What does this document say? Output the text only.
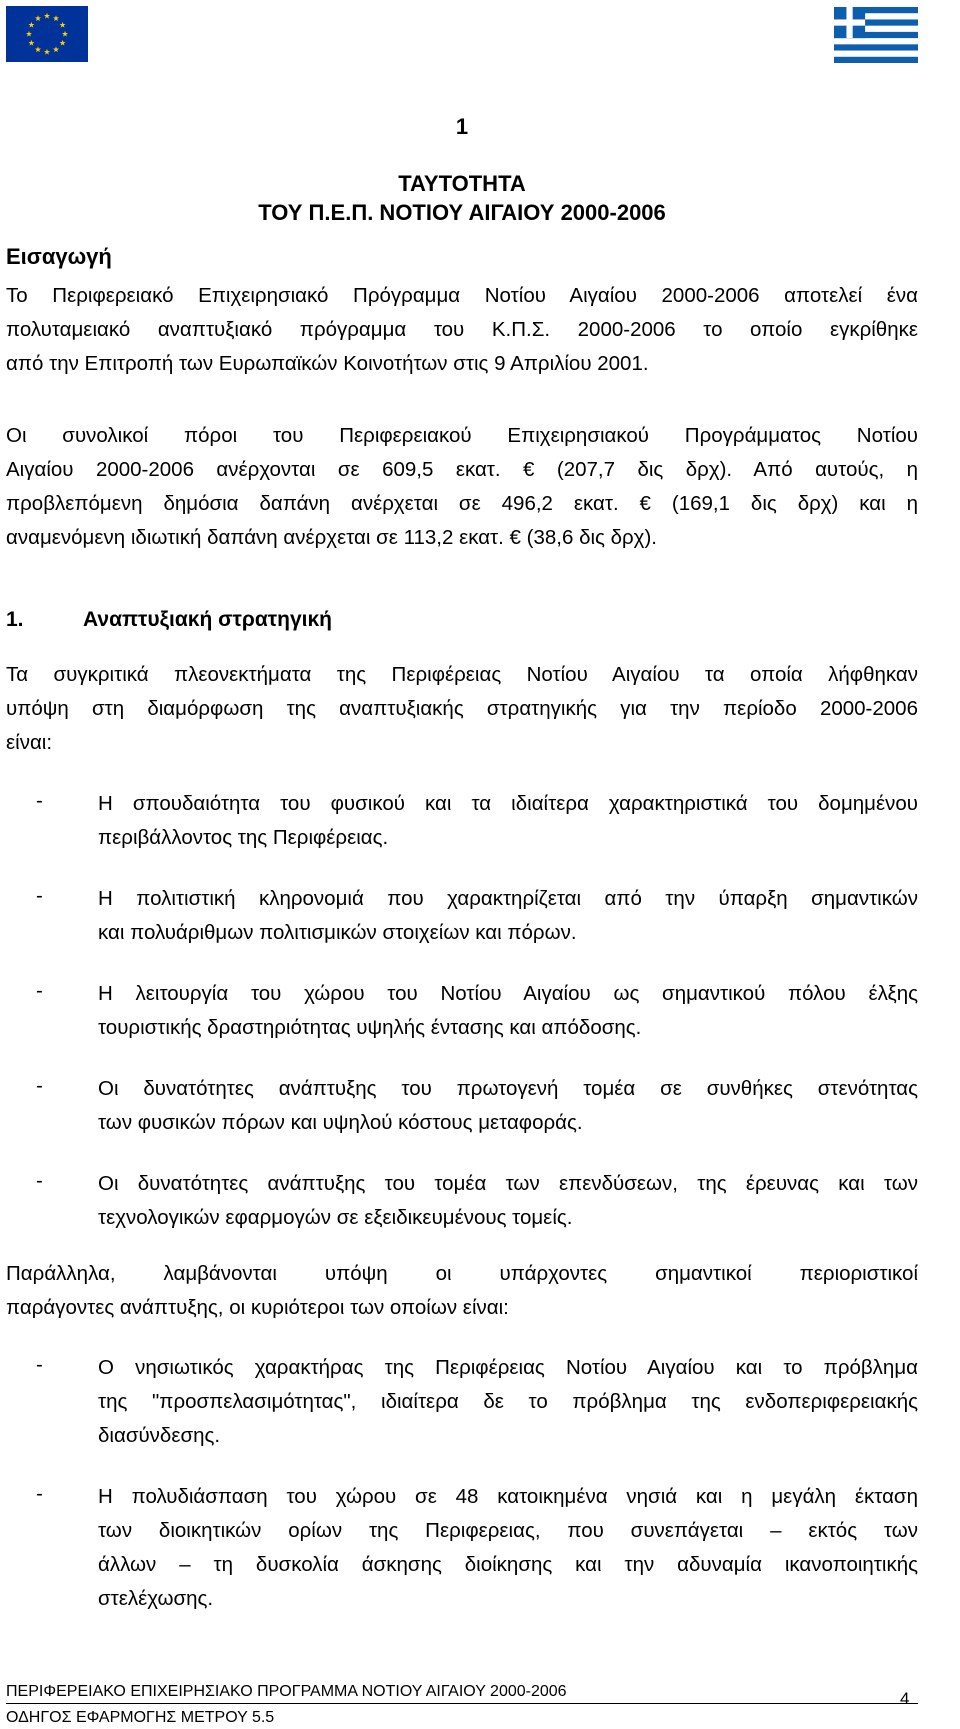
1
ΤΑΥΤΟΤΗΤΑ
ΤΟΥ Π.Ε.Π. ΝΟΤΙΟΥ ΑΙΓΑΙΟΥ 2000-2006
Εισαγωγή
Το Περιφερειακό Επιχειρησιακό Πρόγραμμα Νοτίου Αιγαίου 2000-2006 αποτελεί ένα
πολυταμειακό αναπτυξιακό πρόγραμμα του Κ.Π.Σ. 2000-2006 το οποίο εγκρίθηκε
από την Επιτροπή των Ευρωπαϊκών Κοινοτήτων στις 9 Απριλίου 2001.
Οι συνολικοί πόροι του Περιφερειακού Επιχειρησιακού Προγράμματος Νοτίου
Αιγαίου 2000-2006 ανέρχονται σε 609,5 εκατ. € (207,7 δις δρχ). Από αυτούς, η
προβλεπόμενη δημόσια δαπάνη ανέρχεται σε 496,2 εκατ. € (169,1 δις δρχ) και η
αναμενόμενη ιδιωτική δαπάνη ανέρχεται σε 113,2 εκατ. € (38,6 δις δρχ).
1.	Αναπτυξιακή στρατηγική
Τα συγκριτικά πλεονεκτήματα της Περιφέρειας Νοτίου Αιγαίου τα οποία λήφθηκαν
υπόψη στη διαμόρφωση της αναπτυξιακής στρατηγικής για την περίοδο 2000-2006
είναι:
-	Η σπουδαιότητα του φυσικού και τα ιδιαίτερα χαρακτηριστικά του δομημένου
περιβάλλοντος της Περιφέρειας.
-	Η πολιτιστική κληρονομιά που χαρακτηρίζεται από την ύπαρξη σημαντικών
και πολυάριθμων πολιτισμικών στοιχείων και πόρων.
-	Η λειτουργία του χώρου του Νοτίου Αιγαίου ως σημαντικού πόλου έλξης
τουριστικής δραστηριότητας υψηλής έντασης και απόδοσης.
-	Οι δυνατότητες ανάπτυξης του πρωτογενή τομέα σε συνθήκες στενότητας
των φυσικών πόρων και υψηλού κόστους μεταφοράς.
-	Οι δυνατότητες ανάπτυξης του τομέα των επενδύσεων, της έρευνας και των
τεχνολογικών εφαρμογών σε εξειδικευμένους τομείς.
Παράλληλα, λαμβάνονται υπόψη οι υπάρχοντες σημαντικοί περιοριστικοί
παράγοντες ανάπτυξης, οι κυριότεροι των οποίων είναι:
-	Ο νησιωτικός χαρακτήρας της Περιφέρειας Νοτίου Αιγαίου και το πρόβλημα
της "προσπελασιμότητας", ιδιαίτερα δε το πρόβλημα της ενδοπεριφερειακής
διασύνδεσης.
-	Η πολυδιάσπαση του χώρου σε 48 κατοικημένα νησιά και η μεγάλη έκταση
των διοικητικών ορίων της Περιφερειας, που συνεπάγεται – εκτός των
άλλων – τη δυσκολία άσκησης διοίκησης και την αδυναμία ικανοποιητικής
στελέχωσης.
ΠΕΡΙΦΕΡΕΙΑΚΟ ΕΠΙΧΕΙΡΗΣΙΑΚΟ ΠΡΟΓΡΑΜΜΑ ΝΟΤΙΟΥ ΑΙΓΑΙΟΥ 2000-2006
ΟΔΗΓΟΣ ΕΦΑΡΜΟΓΗΣ ΜΕΤΡΟΥ 5.5
4
